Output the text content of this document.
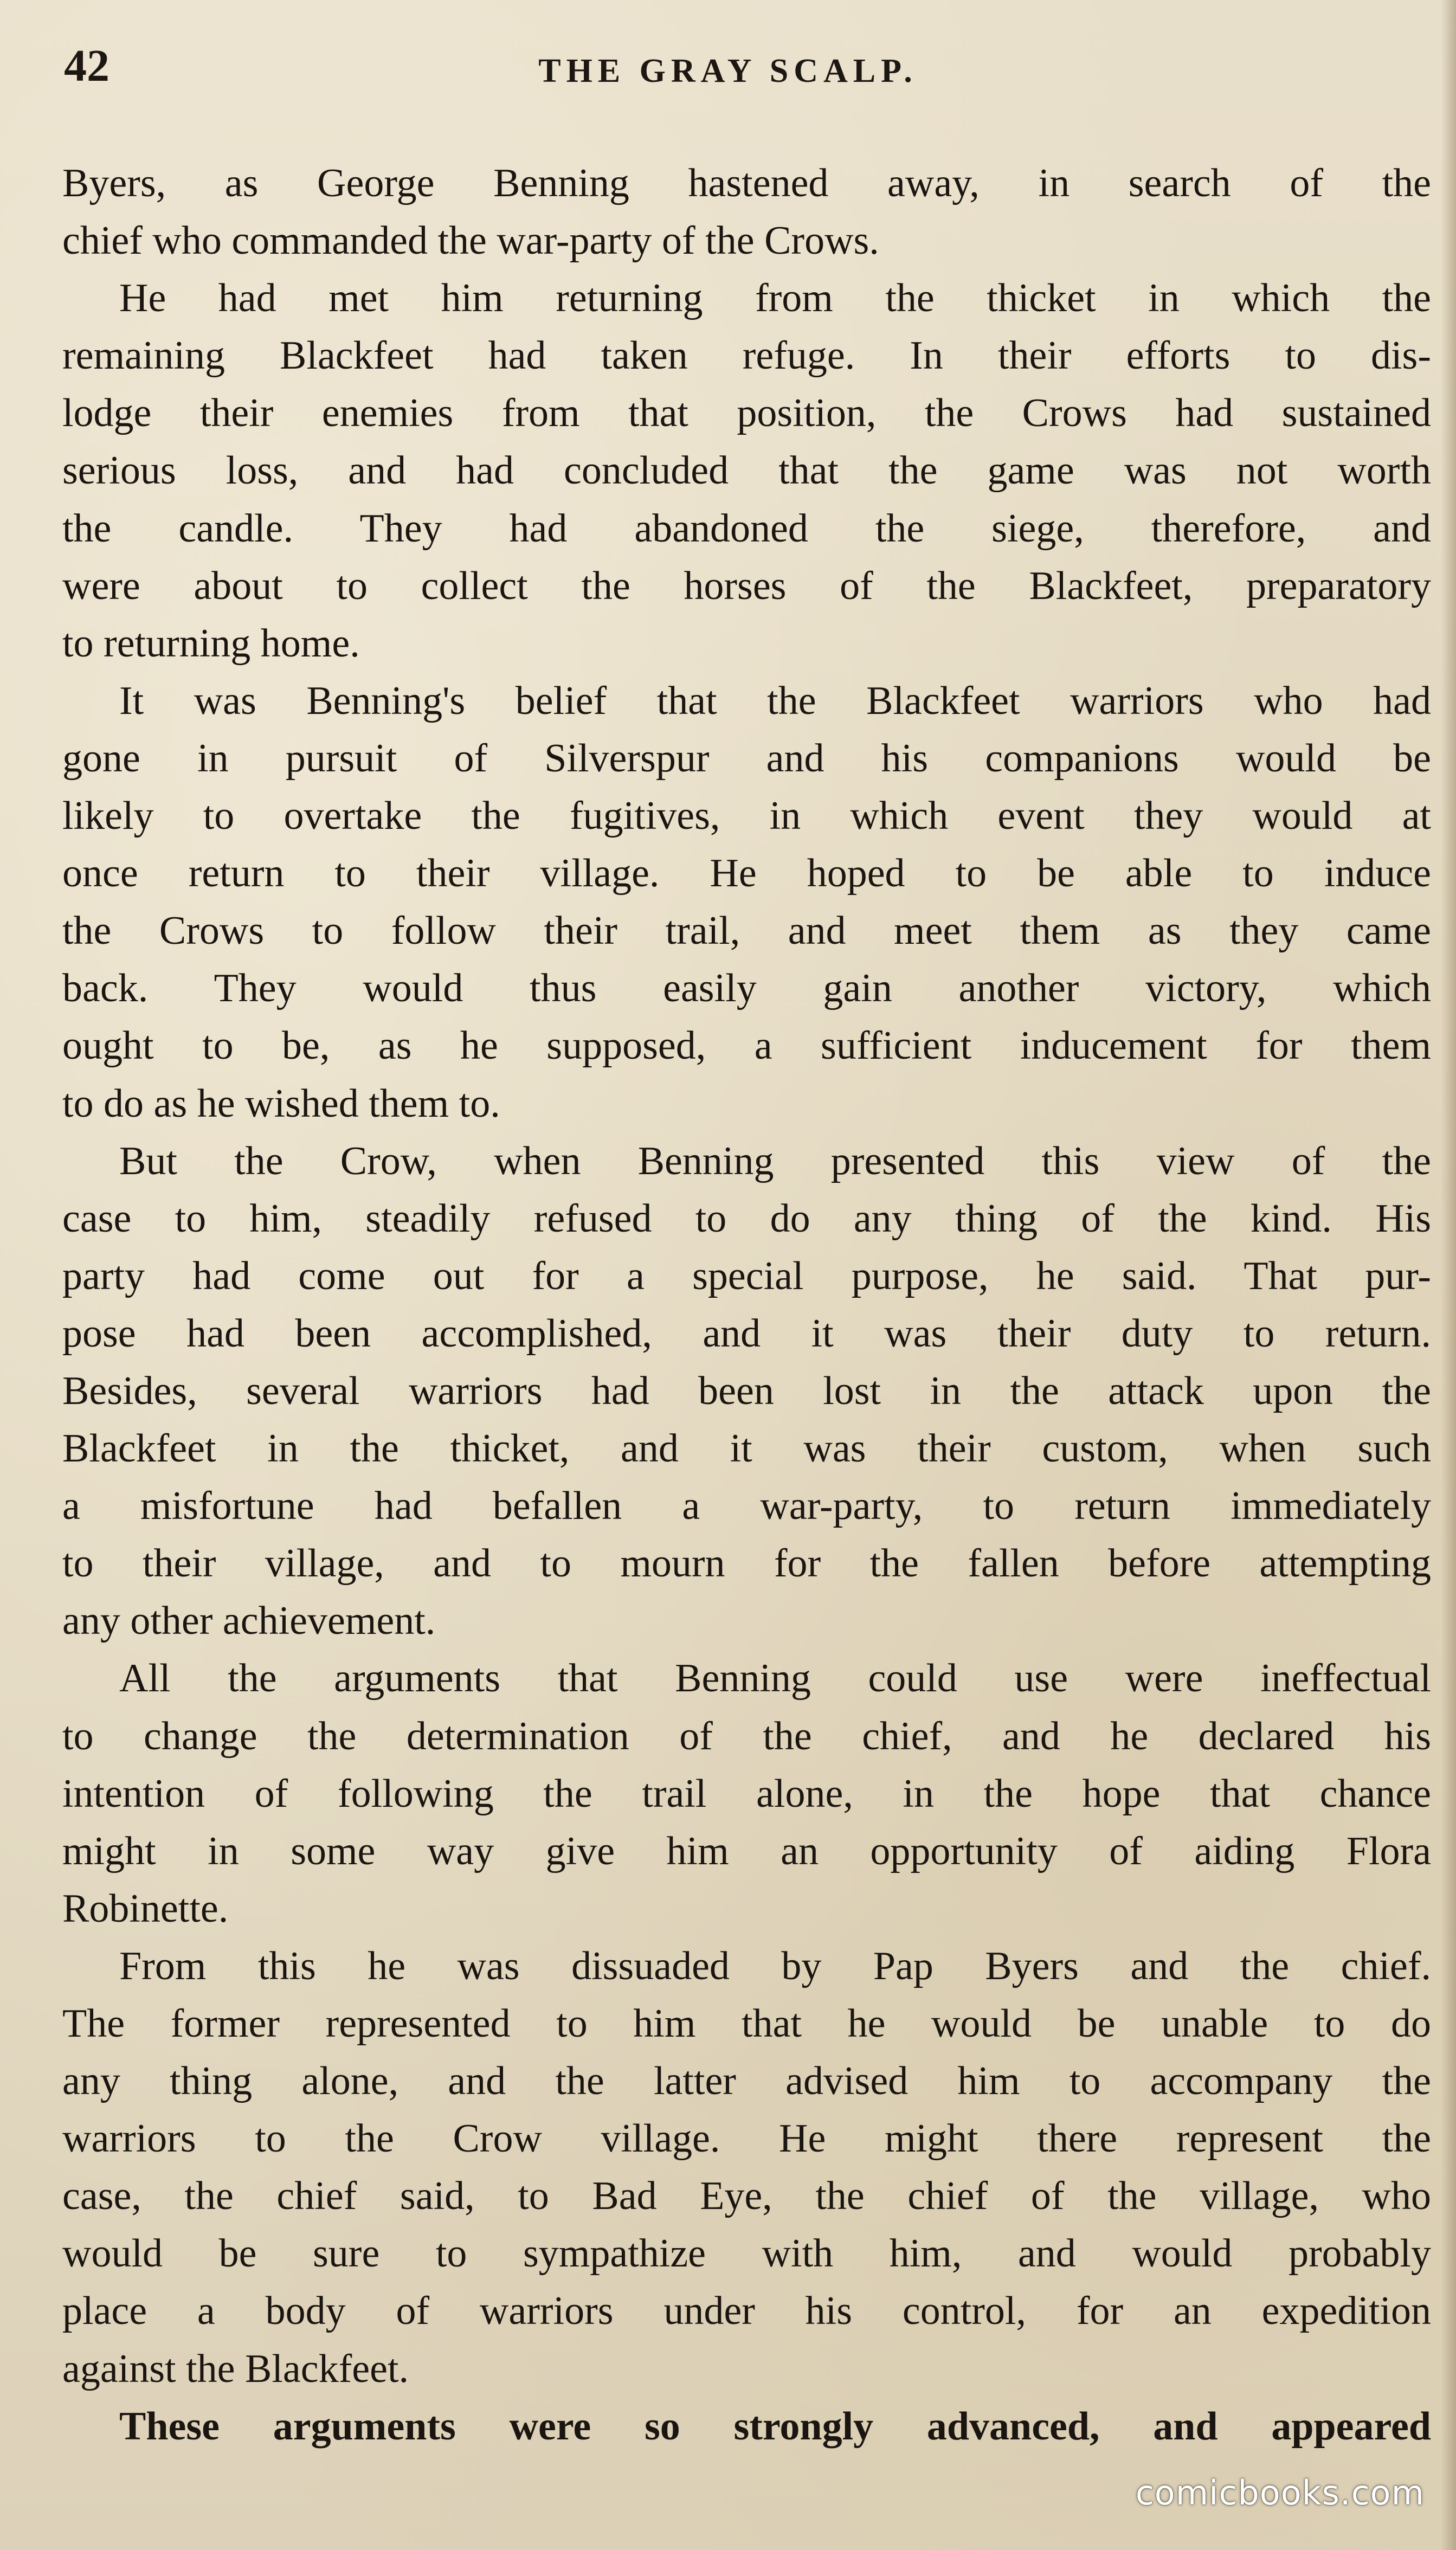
42	THE GRAY SCALP.
Byers, as George Benning hastened away, in search of the
chief who commanded the war-party of the Crows.
He had met him returning from the thicket in which the
remaining Blackfeet had taken refuge. In their efforts to dis-
lodge their enemies from that position, the Crows had sustained
serious loss, and had concluded that the game was not worth
the candle. They had abandoned the siege, therefore, and
were about to collect the horses of the Blackfeet, preparatory
to returning home.
It was Benning's belief that the Blackfeet warriors who had
gone in pursuit of Silverspur and his companions would be
likely to overtake the fugitives, in which event they would at
once return to their village. He hoped to be able to induce
the Crows to follow their trail, and meet them as they came
back. They would thus easily gain another victory, which
ought to be, as he supposed, a sufficient inducement for them
to do as he wished them to.
But the Crow, when Benning presented this view of the
case to him, steadily refused to do any thing of the kind. His
party had come out for a special purpose, he said. That pur-
pose had been accomplished, and it was their duty to return.
Besides, several warriors had been lost in the attack upon the
Blackfeet in the thicket, and it was their custom, when such
a misfortune had befallen a war-party, to return immediately
to their village, and to mourn for the fallen before attempting
any other achievement.
All the arguments that Benning could use were ineffectual
to change the determination of the chief, and he declared his
intention of following the trail alone, in the hope that chance
might in some way give him an opportunity of aiding Flora
Robinette.
From this he was dissuaded by Pap Byers and the chief.
The former represented to him that he would be unable to do
any thing alone, and the latter advised him to accompany the
warriors to the Crow village. He might there represent the
case, the chief said, to Bad Eye, the chief of the village, who
would be sure to sympathize with him, and would probably
place a body of warriors under his control, for an expedition
against the Blackfeet.
These arguments were so strongly advanced, and appeared
comicbooks.com
